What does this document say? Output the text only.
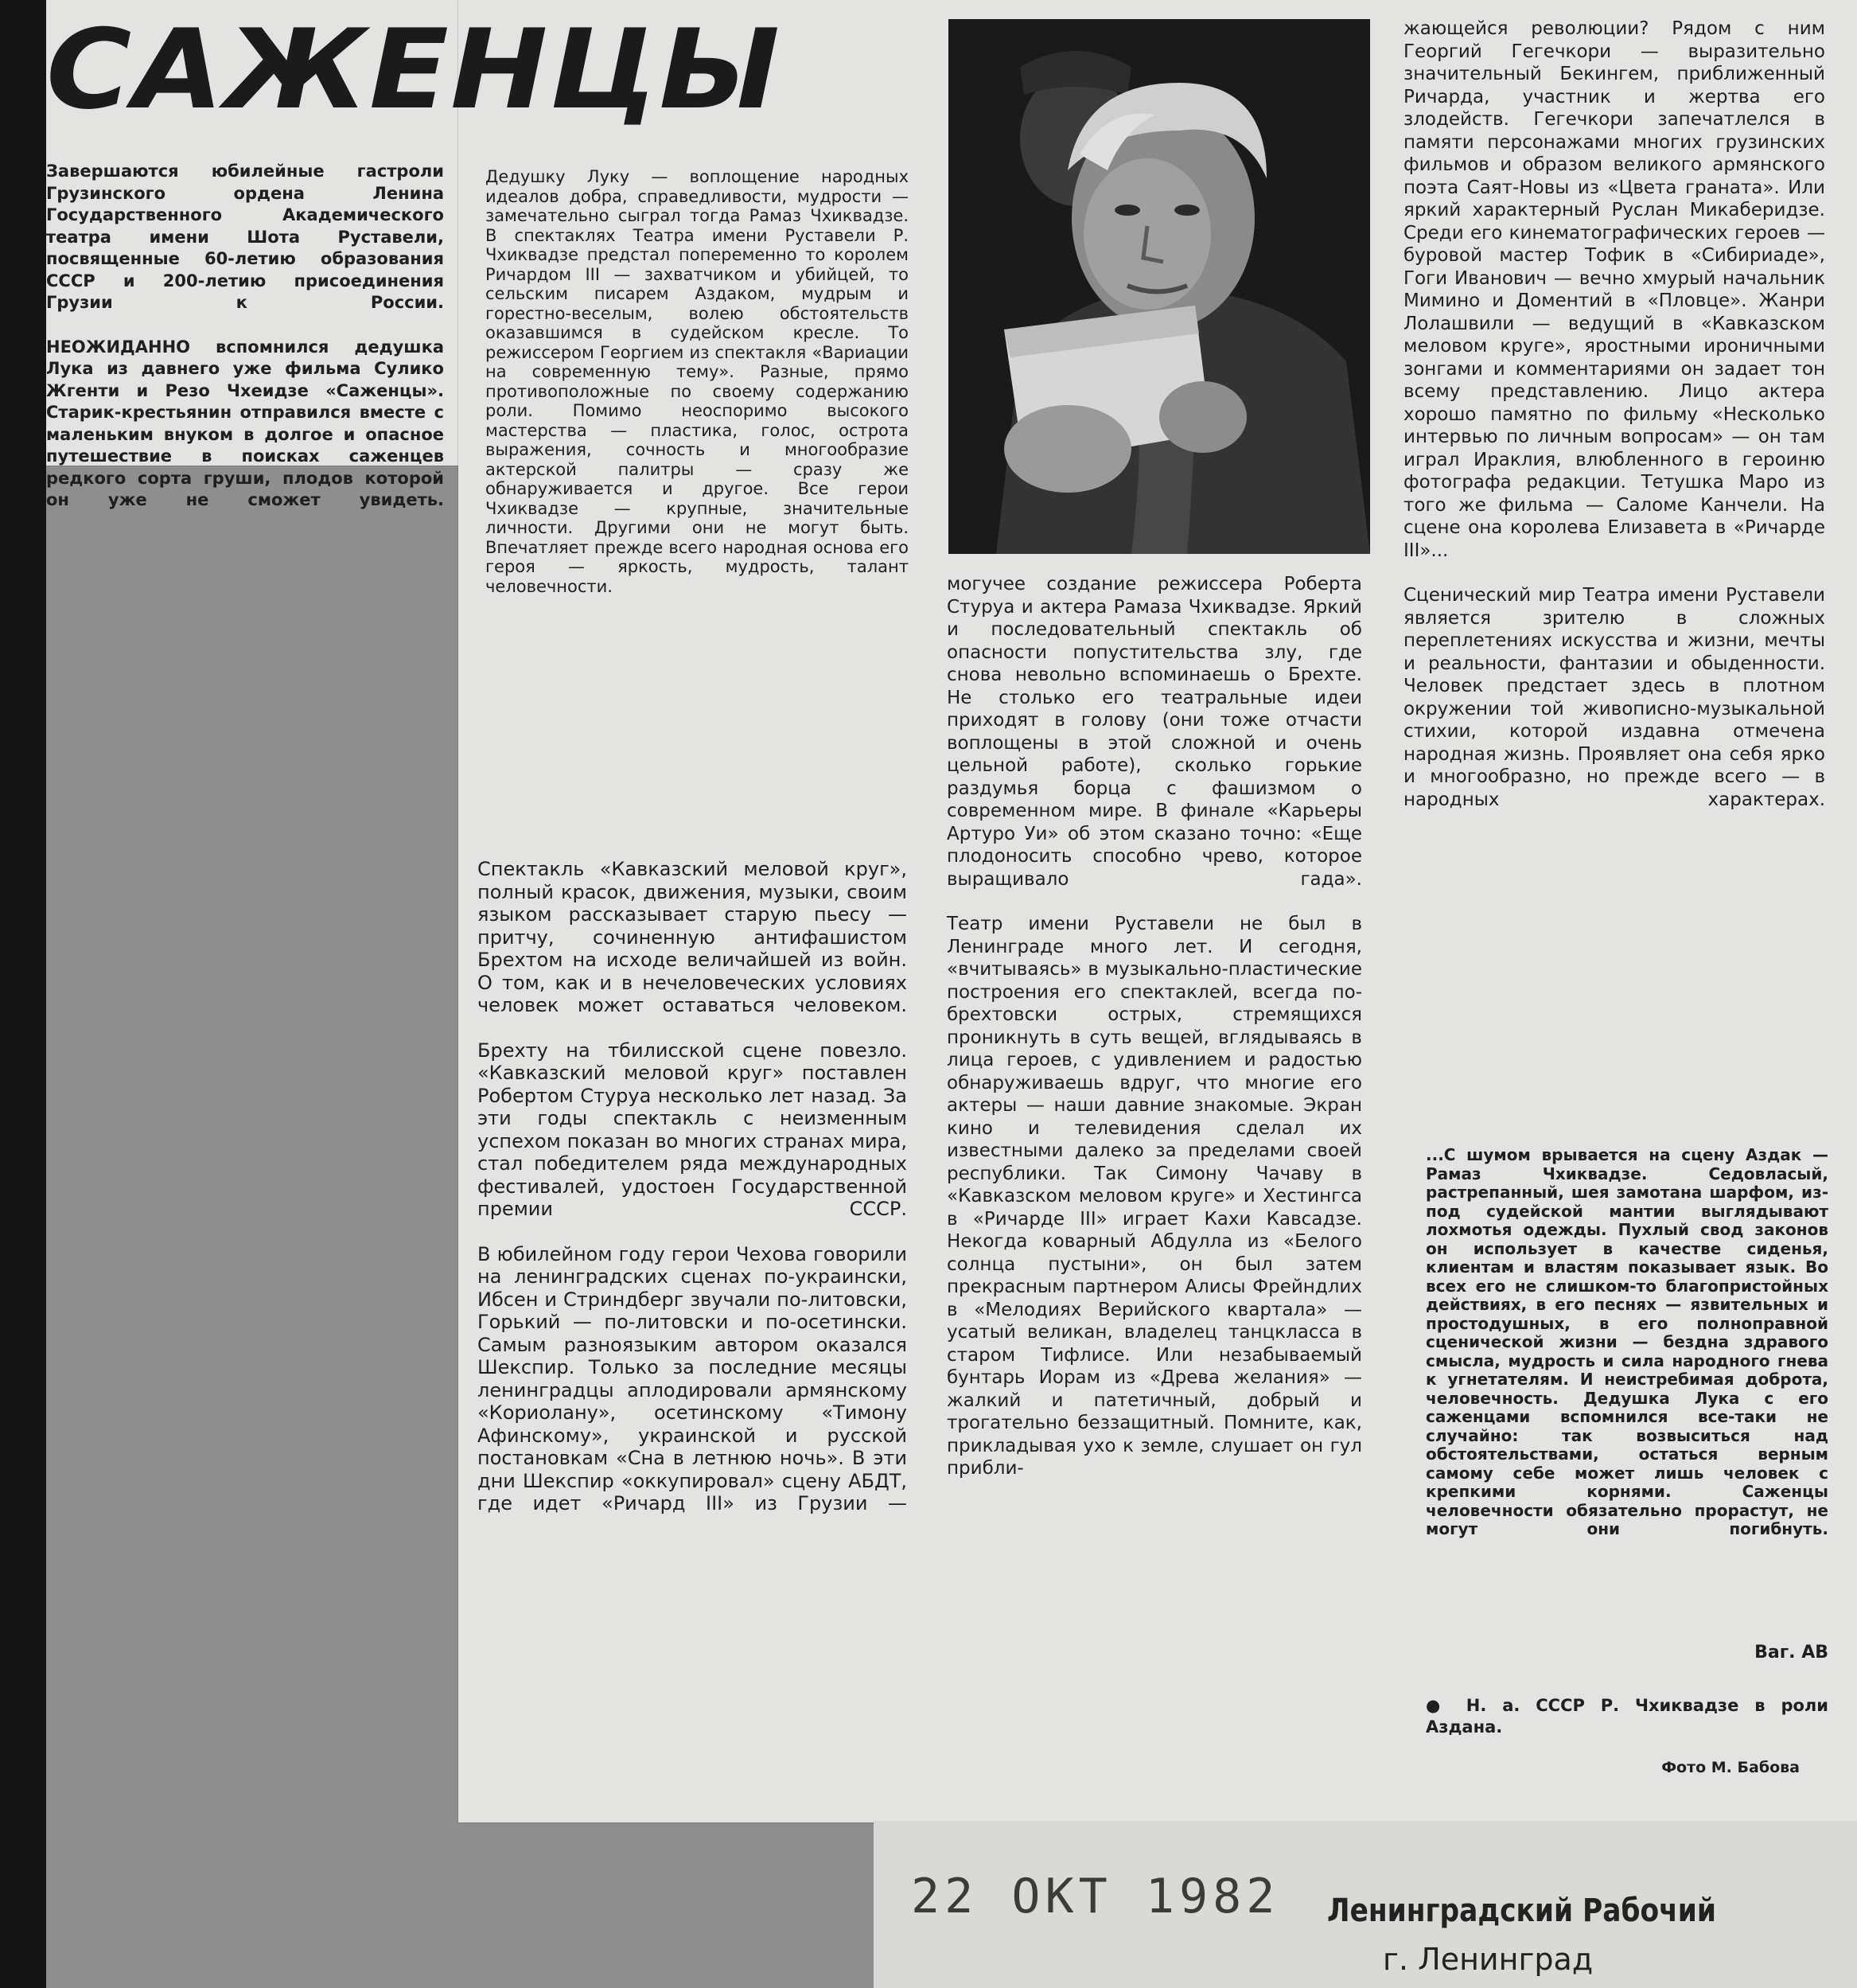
САЖЕНЦЫ

Завершаются юбилейные гастроли Грузинского ордена Ленина Государственного Академического театра имени Шота Руставели, посвященные 60-летию образования СССР и 200-летию присоединения Грузии к России.

НЕОЖИДАННО вспомнился дедушка Лука из давнего уже фильма Сулико Жгенти и Резо Чхеидзе «Саженцы». Старик-крестьянин отправился вместе с маленьким внуком в долгое и опасное путешествие в поисках саженцев редкого сорта груши, плодов которой он уже не сможет увидеть.

Дедушку Луку — воплощение народных идеалов добра, справедливости, мудрости — замечательно сыграл тогда Рамаз Чхиквадзе. В спектаклях Театра имени Руставели Р. Чхиквадзе предстал попеременно то королем Ричардом III — захватчиком и убийцей, то сельским писарем Аздаком, мудрым и горестно-веселым, волею обстоятельств оказавшимся в судейском кресле. То режиссером Георгием из спектакля «Вариации на современную тему». Разные, прямо противоположные по своему содержанию роли. Помимо неоспоримо высокого мастерства — пластика, голос, острота выражения, сочность и многообразие актерской палитры — сразу же обнаруживается и другое. Все герои Чхиквадзе — крупные, значительные личности. Другими они не могут быть. Впечатляет прежде всего народная основа его героя — яркость, мудрость, талант человечности.

Спектакль «Кавказский меловой круг», полный красок, движения, музыки, своим языком рассказывает старую пьесу — притчу, сочиненную антифашистом Брехтом на исходе величайшей из войн. О том, как и в нечеловеческих условиях человек может оставаться человеком.

Брехту на тбилисской сцене повезло. «Кавказский меловой круг» поставлен Робертом Стуруа несколько лет назад. За эти годы спектакль с неизменным успехом показан во многих странах мира, стал победителем ряда международных фестивалей, удостоен Государственной премии СССР.

В юбилейном году герои Чехова говорили на ленинградских сценах по-украински, Ибсен и Стриндберг звучали по-литовски, Горький — по-литовски и по-осетински. Самым разноязыким автором оказался Шекспир. Только за последние месяцы ленинградцы аплодировали армянскому «Кориолану», осетинскому «Тимону Афинскому», украинской и русской постановкам «Сна в летнюю ночь». В эти дни Шекспир «оккупировал» сцену АБДТ, где идет «Ричард III» из Грузии —

могучее создание режиссера Роберта Стуруа и актера Рамаза Чхиквадзе. Яркий и последовательный спектакль об опасности попустительства злу, где снова невольно вспоминаешь о Брехте. Не столько его театральные идеи приходят в голову (они тоже отчасти воплощены в этой сложной и очень цельной работе), сколько горькие раздумья борца с фашизмом о современном мире. В финале «Карьеры Артуро Уи» об этом сказано точно: «Еще плодоносить способно чрево, которое выращивало гада».

Театр имени Руставели не был в Ленинграде много лет. И сегодня, «вчитываясь» в музыкально-пластические построения его спектаклей, всегда по-брехтовски острых, стремящихся проникнуть в суть вещей, вглядываясь в лица героев, с удивлением и радостью обнаруживаешь вдруг, что многие его актеры — наши давние знакомые. Экран кино и телевидения сделал их известными далеко за пределами своей республики. Так Симону Чачаву в «Кавказском меловом круге» и Хестингса в «Ричарде III» играет Кахи Кавсадзе. Некогда коварный Абдулла из «Белого солнца пустыни», он был затем прекрасным партнером Алисы Фрейндлих в «Мелодиях Верийского квартала» — усатый великан, владелец танцкласса в старом Тифлисе. Или незабываемый бунтарь Иорам из «Древа желания» — жалкий и патетичный, добрый и трогательно беззащитный. Помните, как, прикладывая ухо к земле, слушает он гул прибли-

жающейся революции? Рядом с ним Георгий Гегечкори — выразительно значительный Бекингем, приближенный Ричарда, участник и жертва его злодейств. Гегечкори запечатлелся в памяти персонажами многих грузинских фильмов и образом великого армянского поэта Саят-Новы из «Цвета граната». Или яркий характерный Руслан Микаберидзе. Среди его кинематографических героев — буровой мастер Тофик в «Сибириаде», Гоги Иванович — вечно хмурый начальник Мимино и Доментий в «Пловце». Жанри Лолашвили — ведущий в «Кавказском меловом круге», яростными ироничными зонгами и комментариями он задает тон всему представлению. Лицо актера хорошо памятно по фильму «Несколько интервью по личным вопросам» — он там играл Ираклия, влюбленного в героиню фотографа редакции. Тетушка Маро из того же фильма — Саломе Канчели. На сцене она королева Елизавета в «Ричарде III»...

Сценический мир Театра имени Руставели является зрителю в сложных переплетениях искусства и жизни, мечты и реальности, фантазии и обыденности. Человек предстает здесь в плотном окружении той живописно-музыкальной стихии, которой издавна отмечена народная жизнь. Проявляет она себя ярко и многообразно, но прежде всего — в народных характерах.

...С шумом врывается на сцену Аздак — Рамаз Чхиквадзе. Седовласый, растрепанный, шея замотана шарфом, из-под судейской мантии выглядывают лохмотья одежды. Пухлый свод законов он использует в качестве сиденья, клиентам и властям показывает язык. Во всех его не слишком-то благопристойных действиях, в его песнях — язвительных и простодушных, в его полноправной сценической жизни — бездна здравого смысла, мудрость и сила народного гнева к угнетателям. И неистребимая доброта, человечность. Дедушка Лука с его саженцами вспомнился все-таки не случайно: так возвыситься над обстоятельствами, остаться верным самому себе может лишь человек с крепкими корнями. Саженцы человечности обязательно прорастут, не могут они погибнуть.

Ваг. АВ

● Н. а. СССР Р. Чхиквадзе в роли Аздана.

Фото М. Бабова

22 ОКТ 1982 Ленинградский Рабочий

г. Ленинград
